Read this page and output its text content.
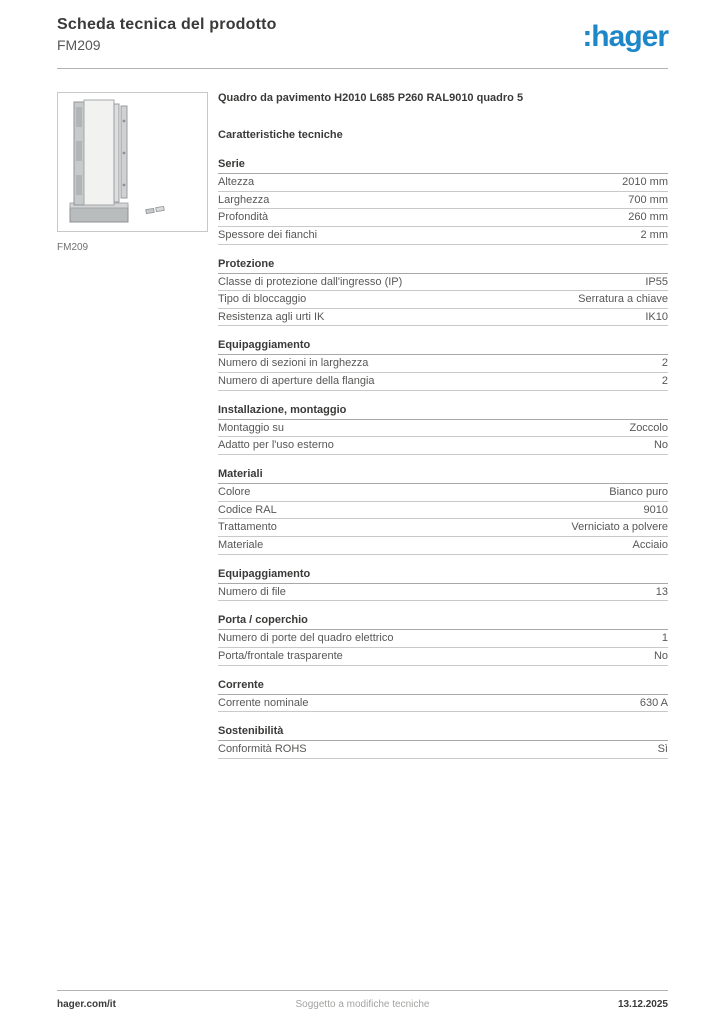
Scheda tecnica del prodotto
FM209	:hager
FM209
Quadro da pavimento H2010 L685 P260 RAL9010 quadro 5
Caratteristiche tecniche
Serie
Altezza	2010 mm
Larghezza	700 mm
Profondità	260 mm
Spessore dei fianchi	2 mm
Protezione
Classe di protezione dall'ingresso (IP)	IP55
Tipo di bloccaggio	Serratura a chiave
Resistenza agli urti IK	IK10
Equipaggiamento
Numero di sezioni in larghezza	2
Numero di aperture della flangia	2
Installazione, montaggio
Montaggio su	Zoccolo
Adatto per l'uso esterno	No
Materiali
Colore	Bianco puro
Codice RAL	9010
Trattamento	Verniciato a polvere
Materiale	Acciaio
Equipaggiamento
Numero di file	13
Porta / coperchio
Numero di porte del quadro elettrico	1
Porta/frontale trasparente	No
Corrente
Corrente nominale	630 A
Sostenibilità
Conformità ROHS	Sì
hager.com/it	Soggetto a modifiche tecniche	13.12.2025
